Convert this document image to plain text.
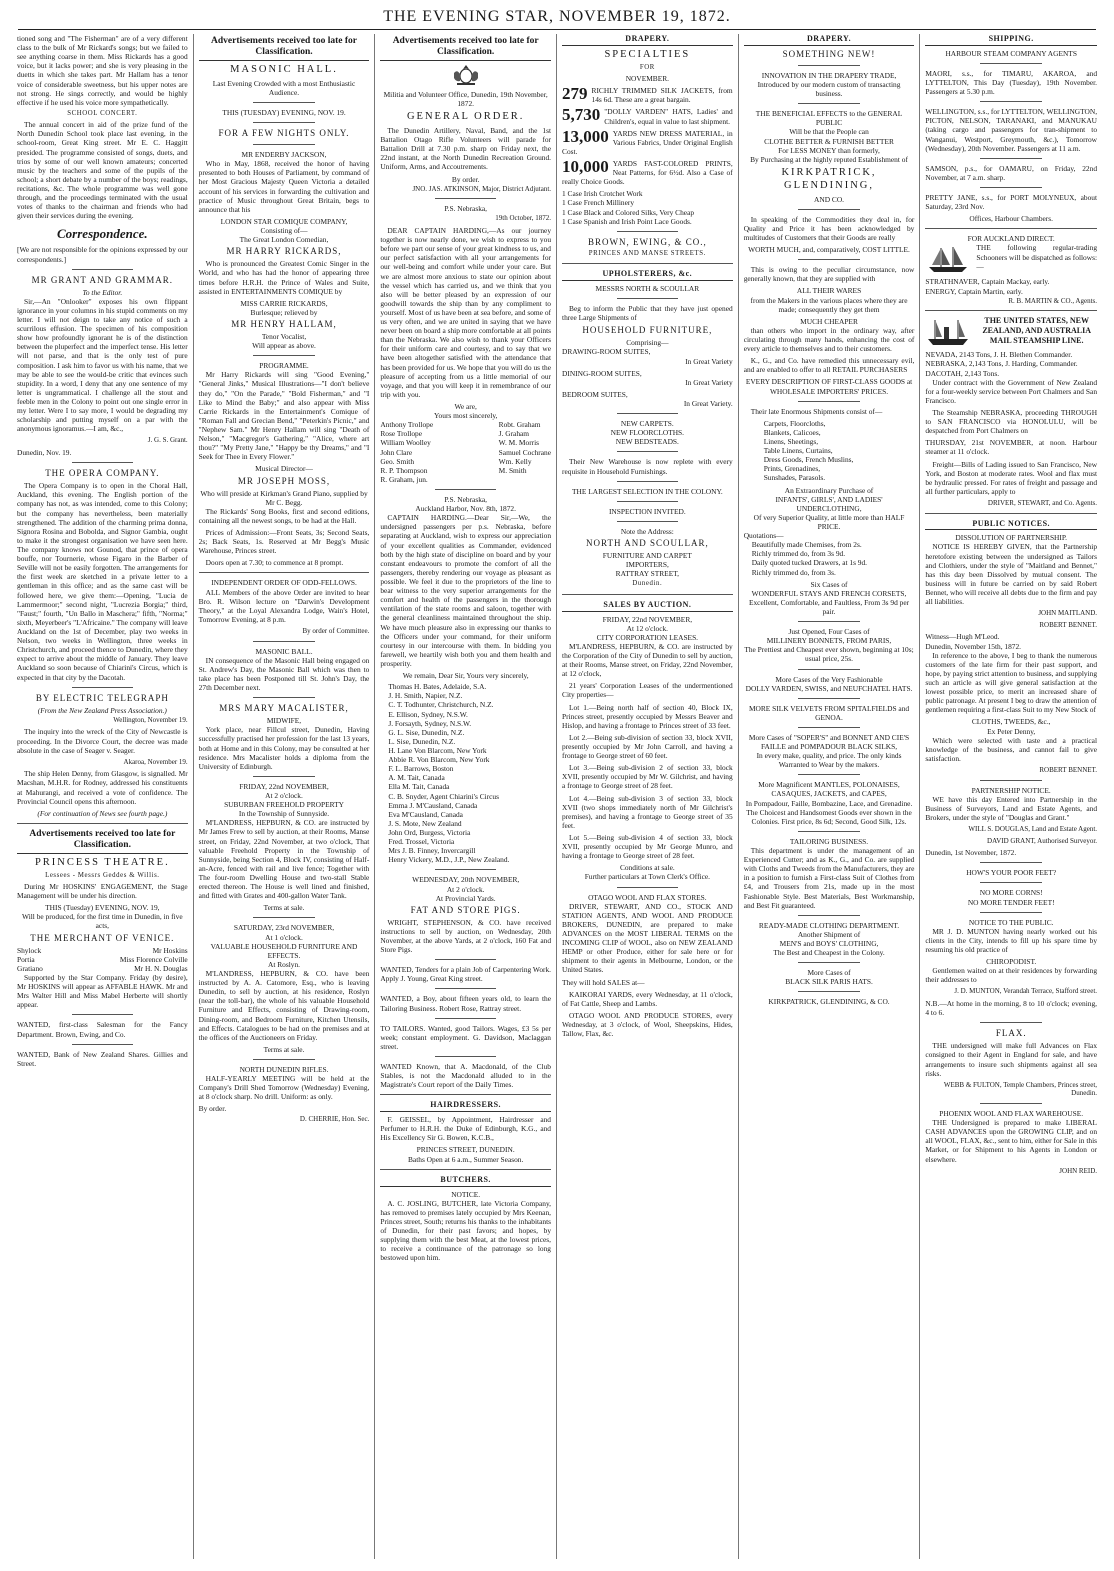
THE EVENING STAR, NOVEMBER 19, 1872.

tioned song and "The Fisherman" are of a very different class to the bulk of Mr Rickard's songs; but we failed to see anything coarse in them. Miss Rickards has a good voice, but it lacks power; and she is very pleasing in the duetts in which she takes part. Mr Hallam has a tenor voice of considerable sweetness, but his upper notes are not strong. He sings correctly, and would be highly effective if he used his voice more sympathetically.

SCHOOL CONCERT.

The annual concert in aid of the prize fund of the North Dunedin School took place last evening, in the school-room, Great King street. Mr E. C. Haggitt presided. The programme consisted of songs, duets, and trios by some of our well known amateurs; concerted music by the teachers and some of the pupils of the school; a short debate by a number of the boys; readings, recitations, &c. The whole programme was well gone through, and the proceedings terminated with the usual votes of thanks to the chairman and friends who had given their services during the evening.

Correspondence.

[We are not responsible for the opinions expressed by our correspondents.]

MR GRANT AND GRAMMAR.
To the Editor.

Sir,—An "Onlooker" exposes his own flippant ignorance in your columns in his stupid comments on my letter. I will not deign to take any notice of such a scurrilous effusion. The specimen of his composition show how profoundly ignorant he is of the distinction between the pluperfect and the imperfect tense. His letter will not parse, and that is the only test of pure composition. I ask him to favor us with his name, that we may be able to see the would-be critic that evinces such stupidity. In a word, I deny that any one sentence of my letter is ungrammatical. I challenge all the stout and feeble men in the Colony to point out one single error in my letter. Were I to say more, I would be degrading my scholarship and putting myself on a par with the anonymous ignoramus.—I am, &c.,

J. G. S. Grant.

Dunedin, Nov. 19.

THE OPERA COMPANY.

The Opera Company is to open in the Choral Hall, Auckland, this evening. The English portion of the company has not, as was intended, come to this Colony; but the company has nevertheless, been materially strengthened. The addition of the charming prima donna, Signora Rosina and Bobolda, and Signor Gambia, ought to make it the strongest organisation we have seen here. The company knows not Gounod, that prince of opera bouffe, nor Tournerie, whose Figaro in the Barber of Seville will not be easily forgotten. The arrangements for the first week are sketched in a private letter to a gentleman in this office; and as the same cast will be followed here, we give them:—Opening, "Lucia de Lammermoor;" second night, "Lucrezia Borgia;" third, "Faust;" fourth, "Un Ballo in Maschera;" fifth, "Norma;" sixth, Meyerbeer's "L'Africaine." The company will leave Auckland on the 1st of December, play two weeks in Nelson, two weeks in Wellington, three weeks in Christchurch, and proceed thence to Dunedin, where they expect to arrive about the middle of January. They leave Auckland so soon because of Chiarini's Circus, which is expected in that city by the Dacotah.

BY ELECTRIC TELEGRAPH
(From the New Zealand Press Association.)
Wellington, November 19.

The inquiry into the wreck of the City of Newcastle is proceeding. In the Divorce Court, the decree was made absolute in the case of Seager v. Seager.

Akaroa, November 19.

The ship Helen Denny, from Glasgow, is signalled. Mr Macshan, M.H.R. for Rodney, addressed his constituents at Mahurangi, and received a vote of confidence. The Provincial Council opens this afternoon.

(For continuation of News see fourth page.)

Advertisements received too late for Classification.
PRINCESS THEATRE.
Lessees - Messrs Geddes & Willis.

During Mr HOSKINS' ENGAGEMENT, the Stage Management will be under his direction.

THIS (Tuesday) EVENING, NOV. 19,
Will be produced, for the first time in Dunedin, in five acts,
THE MERCHANT OF VENICE.
Shylock	Mr Hoskins
Portia	Miss Florence Colville
Gratiano	Mr H. N. Douglas

Supported by the Star Company. Friday (by desire), Mr HOSKINS will appear as AFFABLE HAWK. Mr and Mrs Walter Hill and Miss Mabel Herberte will shortly appear.

WANTED, first-class Salesman for the Fancy Department. Brown, Ewing, and Co.

WANTED, Bank of New Zealand Shares. Gillies and Street.

Advertisements received too late for Classification.
MASONIC HALL.
Last Evening Crowded with a most Enthusiastic Audience.
THIS (TUESDAY) EVENING, NOV. 19.
FOR A FEW NIGHTS ONLY.
MR ENDERBY JACKSON,

Who in May, 1868, received the honor of having presented to both Houses of Parliament, by command of her Most Gracious Majesty Queen Victoria a detailed account of his services in forwarding the cultivation and practice of Music throughout Great Britain, begs to announce that his

LONDON STAR COMIQUE COMPANY,
Consisting of—
The Great London Comedian,
MR HARRY RICKARDS,

Who is pronounced the Greatest Comic Singer in the World, and who has had the honor of appearing three times before H.R.H. the Prince of Wales and Suite, assisted in ENTERTAINMENTS COMIQUE by

MISS CARRIE RICKARDS,
Burlesque; relieved by
MR HENRY HALLAM,
Tenor Vocalist,
Will appear as above.
PROGRAMME.

Mr Harry Rickards will sing "Good Evening," "General Jinks," Musical Illustrations—"I don't believe they do," "On the Parade," "Bold Fisherman," and "I Like to Mind the Baby;" and also appear with Miss Carrie Rickards in the Entertainment's Comique of "Roman Fall and Grecian Bend," "Peterkin's Picnic," and "Nephew Sam." Mr Henry Hallam will sing "Death of Nelson," "Macgregor's Gathering," "Alice, where art thou?" "My Pretty Jane," "Happy be thy Dreams," and "I Seek for Thee in Every Flower."

Musical Director—
MR JOSEPH MOSS,
Who will preside at Kirkman's Grand Piano, supplied by Mr C. Begg.

The Rickards' Song Books, first and second editions, containing all the newest songs, to be had at the Hall.

Prices of Admission:—Front Seats, 3s; Second Seats, 2s; Back Seats, 1s. Reserved at Mr Begg's Music Warehouse, Princes street.

Doors open at 7.30; to commence at 8 prompt.

INDEPENDENT ORDER OF ODD-FELLOWS.

ALL Members of the above Order are invited to hear Bro. R. Wilson lecture on "Darwin's Development Theory," at the Loyal Alexandra Lodge, Wain's Hotel, Tomorrow Evening, at 8 p.m.

By order of Committee.
MASONIC BALL.

IN consequence of the Masonic Hall being engaged on St. Andrew's Day, the Masonic Ball which was then to take place has been Postponed till St. John's Day, the 27th December next.

MRS MARY MACALISTER,
MIDWIFE,

York place, near Fillcul street, Dunedin, Having successfully practised her profession for the last 13 years, both at Home and in this Colony, may be consulted at her residence. Mrs Macalister holds a diploma from the University of Edinburgh.

FRIDAY, 22nd NOVEMBER,
At 2 o'clock.
SUBURBAN FREEHOLD PROPERTY
In the Township of Sunnyside.

M'LANDRESS, HEPBURN, & CO. are instructed by Mr James Frew to sell by auction, at their Rooms, Manse street, on Friday, 22nd November, at two o'clock, That valuable Freehold Property in the Township of Sunnyside, being Section 4, Block IV, consisting of Half-an-Acre, fenced with rail and live fence; Together with The four-room Dwelling House and two-stall Stable erected thereon. The House is well lined and finished, and fitted with Grates and 400-gallon Water Tank.

Terms at sale.
SATURDAY, 23rd NOVEMBER,
At 1 o'clock.
VALUABLE HOUSEHOLD FURNITURE AND EFFECTS.
At Roslyn.

M'LANDRESS, HEPBURN, & CO. have been instructed by A. A. Catomore, Esq., who is leaving Dunedin, to sell by auction, at his residence, Roslyn (near the toll-bar), the whole of his valuable Household Furniture and Effects, consisting of Drawing-room, Dining-room, and Bedroom Furniture, Kitchen Utensils, and Effects. Catalogues to be had on the premises and at the offices of the Auctioneers on Friday.

Terms at sale.
NORTH DUNEDIN RIFLES.

HALF-YEARLY MEETING will be held at the Company's Drill Shed Tomorrow (Wednesday) Evening, at 8 o'clock sharp. No drill. Uniform: as only.

By order.
D. CHERRIE, Hon. Sec.
Advertisements received too late for Classification.
Militia and Volunteer Office, Dunedin, 19th November, 1872.
GENERAL ORDER.

The Dunedin Artillery, Naval, Band, and the 1st Battalion Otago Rifle Volunteers will parade for Battalion Drill at 7.30 p.m. sharp on Friday next, the 22nd instant, at the North Dunedin Recreation Ground. Uniform, Arms, and Accoutrements.

By order.
JNO. JAS. ATKINSON, Major, District Adjutant.
P.S. Nebraska,
19th October, 1872.

DEAR CAPTAIN HARDING,—As our journey together is now nearly done, we wish to express to you before we part our sense of your great kindness to us, and our perfect satisfaction with all your arrangements for our well-being and comfort while under your care. But we are almost more anxious to state our opinion about the vessel which has carried us, and we think that you also will be better pleased by an expression of our goodwill towards the ship than by any compliment to yourself. Most of us have been at sea before, and some of us very often, and we are united in saying that we have never been on board a ship more comfortable at all points than the Nebraska. We also wish to thank your Officers for their uniform care and courtesy, and to say that we have been altogether satisfied with the attendance that has been provided for us. We hope that you will do us the pleasure of accepting from us a little memorial of our voyage, and that you will keep it in remembrance of our trip with you.

We are,
Yours most sincerely,
Anthony Trollope
Rose Trollope
William Woolley
John Clare
Geo. Smith
R. P. Thompson
R. Graham, jun.
Robt. Graham
J. Graham
W. M. Morris
Samuel Cochrane
Wm. Kelly
M. Smith
P.S. Nebraska,
Auckland Harbor, Nov. 8th, 1872.

CAPTAIN HARDING.—Dear Sir,—We, the undersigned passengers per p.s. Nebraska, before separating at Auckland, wish to express our appreciation of your excellent qualities as Commander, evidenced both by the high state of discipline on board and by your constant endeavours to promote the comfort of all the passengers, thereby rendering our voyage as pleasant as possible. We feel it due to the proprietors of the line to bear witness to the very superior arrangements for the comfort and health of the passengers in the thorough ventilation of the state rooms and saloon, together with the general cleanliness maintained throughout the ship. We have much pleasure also in expressing our thanks to the Officers under your command, for their uniform courtesy in our intercourse with them. In bidding you farewell, we heartily wish both you and them health and prosperity.

We remain, Dear Sir, Yours very sincerely,
Thomas H. Bates, Adelaide, S.A.
J. H. Smith, Napier, N.Z.
C. T. Todhunter, Christchurch, N.Z.
E. Ellison, Sydney, N.S.W.
J. Forsayth, Sydney, N.S.W.
G. L. Sise, Dunedin, N.Z.
L. Sise, Dunedin, N.Z.
H. Lane Von Blarcom, New York
Abbie R. Von Blarcom, New York
F. L. Barrows, Boston
A. M. Tait, Canada
Ella M. Tait, Canada
C. B. Snyder, Agent Chiarini's Circus
Emma J. M'Causland, Canada
Eva M'Causland, Canada
J. S. Mote, New Zealand
John Ord, Burgess, Victoria
Fred. Trossel, Victoria
Mrs J. B. Finney, Invercargill
Henry Vickery, M.D., J.P., New Zealand.
WEDNESDAY, 20th NOVEMBER,
At 2 o'clock.
At Provincial Yards.
FAT AND STORE PIGS.

WRIGHT, STEPHENSON, & CO. have received instructions to sell by auction, on Wednesday, 20th November, at the above Yards, at 2 o'clock, 160 Fat and Store Pigs.

WANTED, Tenders for a plain Job of Carpentering Work. Apply J. Young, Great King street.

WANTED, a Boy, about fifteen years old, to learn the Tailoring Business. Robert Rose, Rattray street.

TO TAILORS. Wanted, good Tailors. Wages, £3 5s per week; constant employment. G. Davidson, Maclaggan street.

WANTED Known, that A. Macdonald, of the Club Stables, is not the Macdonald alluded to in the Magistrate's Court report of the Daily Times.

HAIRDRESSERS.

F. GEISSEL, by Appointment, Hairdresser and Perfumer to H.R.H. the Duke of Edinburgh, K.G., and His Excellency Sir G. Bowen, K.C.B.,

PRINCES STREET, DUNEDIN.
Baths Open at 6 a.m., Summer Season.
BUTCHERS.
NOTICE.

A. C. JOSLING, BUTCHER, late Victoria Company, has removed to premises lately occupied by Mrs Keenan, Princes street, South; returns his thanks to the inhabitants of Dunedin, for their past favors; and hopes, by supplying them with the best Meat, at the lowest prices, to receive a continuance of the patronage so long bestowed upon him.

DRAPERY.
SPECIALTIES
FOR
NOVEMBER.
279 RICHLY TRIMMED SILK JACKETS, from 14s 6d. These are a great bargain.
5,730 "DOLLY VARDEN" HATS, Ladies' and Children's, equal in value to last shipment.
13,000 YARDS NEW DRESS MATERIAL, in Various Fabrics, Under Original English Cost.
10,000 YARDS FAST-COLORED PRINTS, Neat Patterns, for 6½d. Also a Case of really Choice Goods.
1 Case Irish Crotchet Work
1 Case French Millinery
1 Case Black and Colored Silks, Very Cheap
1 Case Spanish and Irish Point Lace Goods.
BROWN, EWING, & CO.,
PRINCES AND MANSE STREETS.
UPHOLSTERERS, &c.
MESSRS NORTH & SCOULLAR

Beg to inform the Public that they have just opened three Large Shipments of

HOUSEHOLD FURNITURE,
Comprising—
DRAWING-ROOM SUITES,
In Great Variety
DINING-ROOM SUITES,
In Great Variety
BEDROOM SUITES,
In Great Variety.
NEW CARPETS.
NEW FLOORCLOTHS.
NEW BEDSTEADS.

Their New Warehouse is now replete with every requisite in Household Furnishings.

THE LARGEST SELECTION IN THE COLONY.
INSPECTION INVITED.
Note the Address:
NORTH AND SCOULLAR,
FURNITURE AND CARPET
IMPORTERS,
RATTRAY STREET,
Dunedin.
SALES BY AUCTION.
FRIDAY, 22nd NOVEMBER,
At 12 o'clock.
CITY CORPORATION LEASES.

M'LANDRESS, HEPBURN, & CO. are instructed by the Corporation of the City of Dunedin to sell by auction, at their Rooms, Manse street, on Friday, 22nd November, at 12 o'clock,

21 years' Corporation Leases of the undermentioned City properties—

Lot 1.—Being north half of section 40, Block IX, Princes street, presently occupied by Messrs Beaver and Hislop, and having a frontage to Princes street of 33 feet.

Lot 2.—Being sub-division of section 33, block XVII, presently occupied by Mr John Carroll, and having a frontage to George street of 60 feet.

Lot 3.—Being sub-division 2 of section 33, block XVII, presently occupied by Mr W. Gilchrist, and having a frontage to George street of 28 feet.

Lot 4.—Being sub-division 3 of section 33, block XVII (two shops immediately north of Mr Gilchrist's premises), and having a frontage to George street of 35 feet.

Lot 5.—Being sub-division 4 of section 33, block XVII, presently occupied by Mr George Munro, and having a frontage to George street of 28 feet.

Conditions at sale.
Further particulars at Town Clerk's Office.
OTAGO WOOL AND FLAX STORES.

DRIVER, STEWART, AND CO., STOCK AND STATION AGENTS, AND WOOL AND PRODUCE BROKERS, DUNEDIN, are prepared to make ADVANCES on the MOST LIBERAL TERMS on the INCOMING CLIP of WOOL, also on NEW ZEALAND HEMP or other Produce, either for sale here or for shipment to their agents in Melbourne, London, or the United States.

They will hold SALES at—

KAIKORAI YARDS, every Wednesday, at 11 o'clock, of Fat Cattle, Sheep and Lambs.

OTAGO WOOL AND PRODUCE STORES, every Wednesday, at 3 o'clock, of Wool, Sheepskins, Hides, Tallow, Flax, &c.

DRAPERY.
SOMETHING NEW!
INNOVATION IN THE DRAPERY TRADE,
Introduced by our modern custom of transacting business.
THE BENEFICIAL EFFECTS to the GENERAL PUBLIC
Will be that the People can
CLOTHE BETTER & FURNISH BETTER
For LESS MONEY than formerly,
By Purchasing at the highly reputed Establishment of
KIRKPATRICK, GLENDINING,
AND CO.

In speaking of the Commodities they deal in, for Quality and Price it has been acknowledged by multitudes of Customers that their Goods are really

WORTH MUCH, and, comparatively, COST LITTLE.

This is owing to the peculiar circumstance, now generally known, that they are supplied with

ALL THEIR WARES

from the Makers in the various places where they are made; consequently they get them

MUCH CHEAPER

than others who import in the ordinary way, after circulating through many hands, enhancing the cost of every article to themselves and to their customers.

K., G., and Co. have remedied this unnecessary evil, and are enabled to offer to all RETAIL PURCHASERS

EVERY DESCRIPTION OF FIRST-CLASS GOODS at
WHOLESALE IMPORTERS' PRICES.

Their late Enormous Shipments consist of—

Carpets, Floorcloths,
Blankets, Calicoes,
Linens, Sheetings,
Table Linens, Curtains,
Dress Goods, French Muslins,
Prints, Grenadines,
Sunshades, Parasols.
An Extraordinary Purchase of
INFANTS', GIRLS', AND LADIES' UNDERCLOTHING,
Of very Superior Quality, at little more than HALF PRICE.
Quotations—
Beautifully made Chemises, from 2s.
Richly trimmed do, from 3s 9d.
Daily quoted tucked Drawers, at 1s 9d.
Richly trimmed do, from 3s.
Six Cases of
WONDERFUL STAYS AND FRENCH CORSETS,
Excellent, Comfortable, and Faultless, From 3s 9d per pair.
Just Opened, Four Cases of
MILLINERY BONNETS, FROM PARIS,
The Prettiest and Cheapest ever shown, beginning at 10s; usual price, 25s.
More Cases of the Very Fashionable
DOLLY VARDEN, SWISS, and NEUFCHATEL HATS.
MORE SILK VELVETS FROM SPITALFIELDS and GENOA.
More Cases of "SOPER'S" and BONNET AND CIE'S FAILLE and POMPADOUR BLACK SILKS,
In every make, quality, and price. The only kinds Warranted to Wear by the makers.
More Magnificent MANTLES, POLONAISES, CASAQUES, JACKETS, and CAPES,
In Pompadour, Faille, Bombazine, Lace, and Grenadine. The Choicest and Handsomest Goods ever shown in the Colonies. First price, 8s 6d; Second, Good Silk, 12s.
TAILORING BUSINESS.

This department is under the management of an Experienced Cutter; and as K., G., and Co. are supplied with Cloths and Tweeds from the Manufacturers, they are in a position to furnish a First-class Suit of Clothes from £4, and Trousers from 21s, made up in the most Fashionable Style. Best Materials, Best Workmanship, and Best Fit guaranteed.

READY-MADE CLOTHING DEPARTMENT.
Another Shipment of
MEN'S and BOYS' CLOTHING,
The Best and Cheapest in the Colony.
More Cases of
BLACK SILK PARIS HATS.
KIRKPATRICK, GLENDINING, & CO.
SHIPPING.
HARBOUR STEAM COMPANY AGENTS

MAORI, s.s., for TIMARU, AKAROA, and LYTTELTON, This Day (Tuesday), 19th November. Passengers at 5.30 p.m.

WELLINGTON, s.s., for LYTTELTON, WELLINGTON, PICTON, NELSON, TARANAKI, and MANUKAU (taking cargo and passengers for tran-shipment to Wanganui, Westport, Greymouth, &c.), Tomorrow (Wednesday), 20th November. Passengers at 11 a.m.

SAMSON, p.s., for OAMARU, on Friday, 22nd November, at 7 a.m. sharp.

PRETTY JANE, s.s., for PORT MOLYNEUX, about Saturday, 23rd Nov.

Offices, Harbour Chambers.
FOR AUCKLAND DIRECT.

THE following regular-trading Schooners will be dispatched as follows:—

STRATHNAVER, Captain Mackay, early.
ENERGY, Captain Martin, early.
R. B. MARTIN & CO., Agents.
THE UNITED STATES, NEW ZEALAND, AND AUSTRALIA MAIL STEAMSHIP LINE.
NEVADA, 2143 Tons, J. H. Blethen Commander.
NEBRASKA, 2,143 Tons, J. Harding, Commander.
DACOTAH, 2,143 Tons.

Under contract with the Government of New Zealand for a four-weekly service between Port Chalmers and San Francisco.

The Steamship NEBRASKA, proceeding THROUGH to SAN FRANCISCO via HONOLULU, will be despatched from Port Chalmers on

THURSDAY, 21st NOVEMBER, at noon. Harbour steamer at 11 o'clock.

Freight—Bills of Lading issued to San Francisco, New York, and Boston at moderate rates. Wool and flax must be hydraulic pressed. For rates of freight and passage and all further particulars, apply to

DRIVER, STEWART, and Co. Agents.
PUBLIC NOTICES.
DISSOLUTION OF PARTNERSHIP.

NOTICE IS HEREBY GIVEN, that the Partnership heretofore existing between the undersigned as Tailors and Clothiers, under the style of "Maitland and Bennet," has this day been Dissolved by mutual consent. The business will in future be carried on by said Robert Bennet, who will receive all debts due to the firm and pay all liabilities.

JOHN MAITLAND.
ROBERT BENNET.
Witness—Hugh M'Leod.
Dunedin, November 15th, 1872.

In reference to the above, I beg to thank the numerous customers of the late firm for their past support, and hope, by paying strict attention to business, and supplying such an article as will give general satisfaction at the lowest possible price, to merit an increased share of public patronage. At present I beg to draw the attention of gentlemen requiring a first-class Suit to my New Stock of

CLOTHS, TWEEDS, &c.,
Ex Peter Denny,

Which were selected with taste and a practical knowledge of the business, and cannot fail to give satisfaction.

ROBERT BENNET.
PARTNERSHIP NOTICE.

WE have this day Entered into Partnership in the Business of Surveyors, Land and Estate Agents, and Brokers, under the style of "Douglas and Grant."

WILL S. DOUGLAS, Land and Estate Agent.
DAVID GRANT, Authorised Surveyor.
Dunedin, 1st November, 1872.
HOW'S YOUR POOR FEET?
NO MORE CORNS!
NO MORE TENDER FEET!
NOTICE TO THE PUBLIC.

MR J. D. MUNTON having nearly worked out his clients in the City, intends to fill up his spare time by resuming his old practice of

CHIROPODIST.

Gentlemen waited on at their residences by forwarding their addresses to

J. D. MUNTON, Verandah Terrace, Stafford street.

N.B.—At home in the morning, 8 to 10 o'clock; evening, 4 to 6.

FLAX.

THE undersigned will make full Advances on Flax consigned to their Agent in England for sale, and have arrangements to insure such shipments against all sea risks.

WEBB & FULTON, Temple Chambers, Princes street, Dunedin.
PHOENIX WOOL AND FLAX WAREHOUSE.

THE Undersigned is prepared to make LIBERAL CASH ADVANCES upon the GROWING CLIP, and on all WOOL, FLAX, &c., sent to him, either for Sale in this Market, or for Shipment to his Agents in London or elsewhere.

JOHN REID.
